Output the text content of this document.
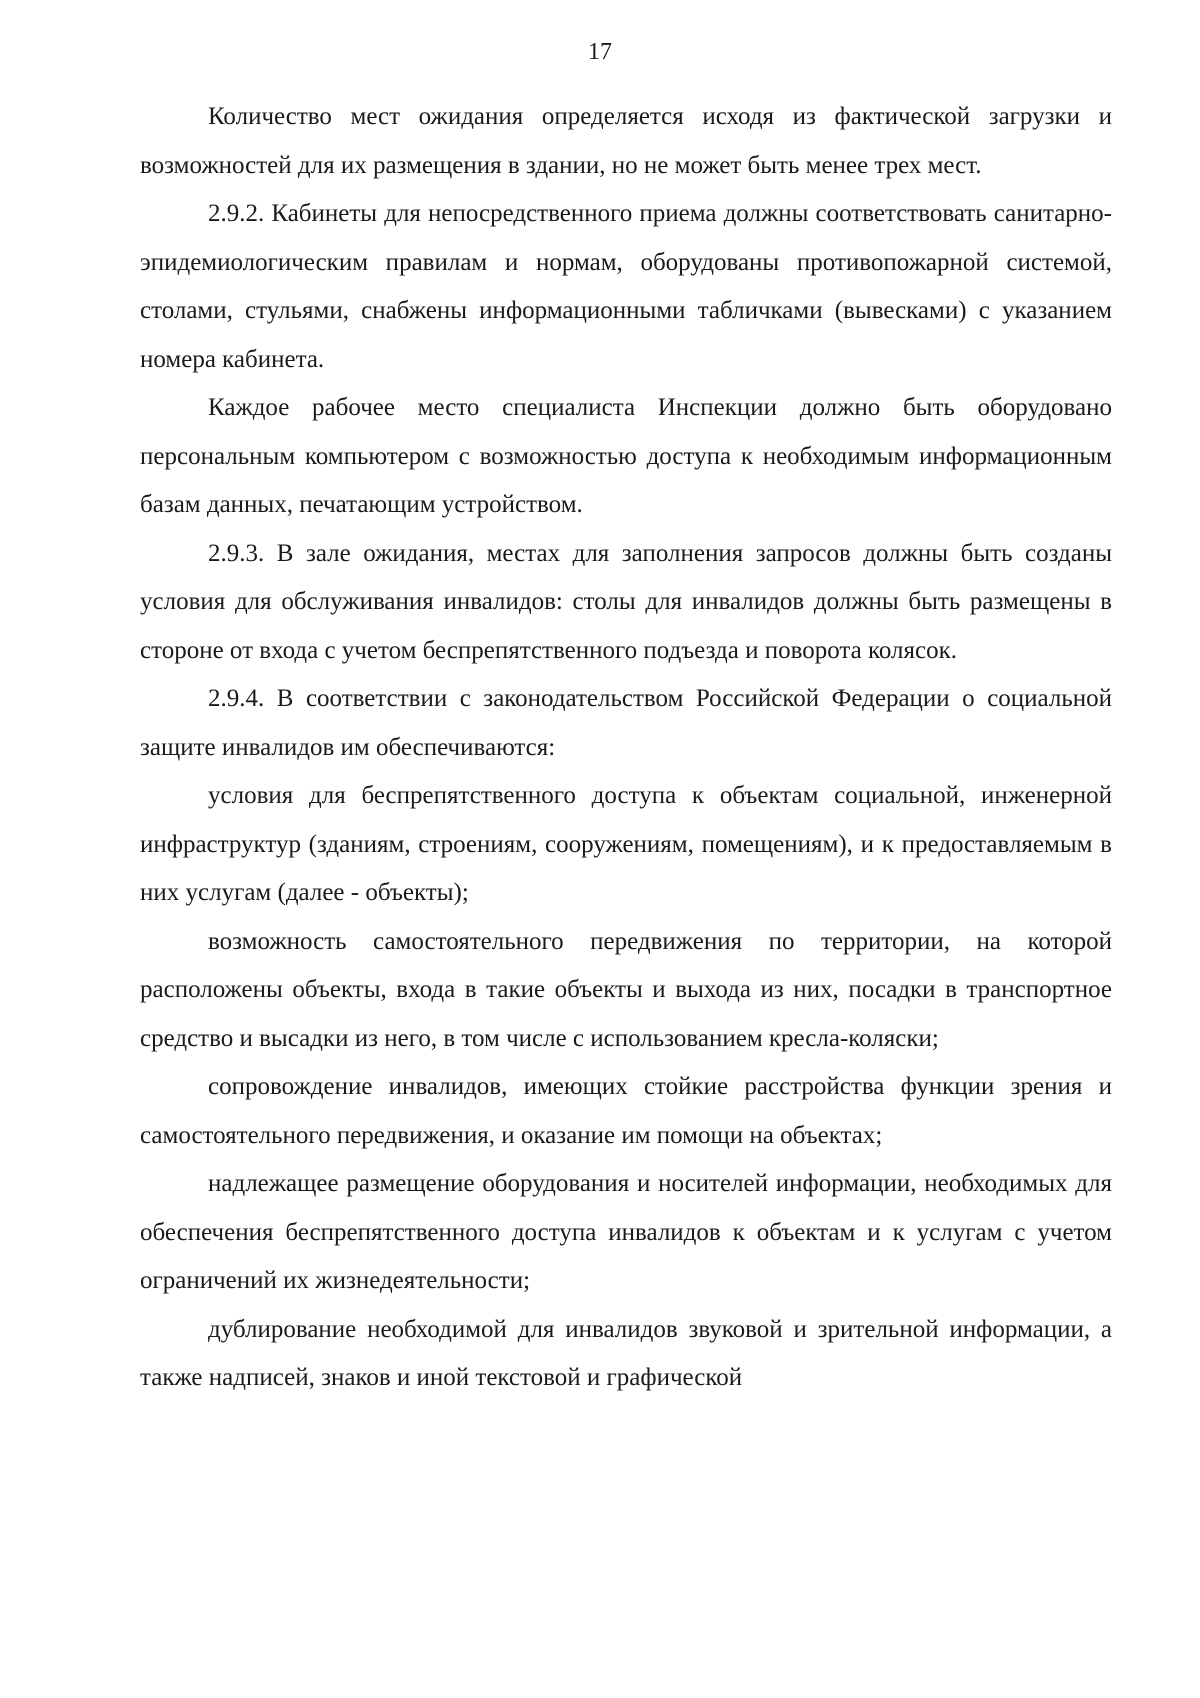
17

Количество мест ожидания определяется исходя из фактической загрузки и возможностей для их размещения в здании, но не может быть менее трех мест.

2.9.2. Кабинеты для непосредственного приема должны соответствовать санитарно-эпидемиологическим правилам и нормам, оборудованы противопожарной системой, столами, стульями, снабжены информационными табличками (вывесками) с указанием номера кабинета.

Каждое рабочее место специалиста Инспекции должно быть оборудовано персональным компьютером с возможностью доступа к необходимым информационным базам данных, печатающим устройством.

2.9.3. В зале ожидания, местах для заполнения запросов должны быть созданы условия для обслуживания инвалидов: столы для инвалидов должны быть размещены в стороне от входа с учетом беспрепятственного подъезда и поворота колясок.

2.9.4. В соответствии с законодательством Российской Федерации о социальной защите инвалидов им обеспечиваются:

условия для беспрепятственного доступа к объектам социальной, инженерной инфраструктур (зданиям, строениям, сооружениям, помещениям), и к предоставляемым в них услугам (далее - объекты);

возможность самостоятельного передвижения по территории, на которой расположены объекты, входа в такие объекты и выхода из них, посадки в транспортное средство и высадки из него, в том числе с использованием кресла-коляски;

сопровождение инвалидов, имеющих стойкие расстройства функции зрения и самостоятельного передвижения, и оказание им помощи на объектах;

надлежащее размещение оборудования и носителей информации, необходимых для обеспечения беспрепятственного доступа инвалидов к объектам и к услугам с учетом ограничений их жизнедеятельности;

дублирование необходимой для инвалидов звуковой и зрительной информации, а также надписей, знаков и иной текстовой и графической
